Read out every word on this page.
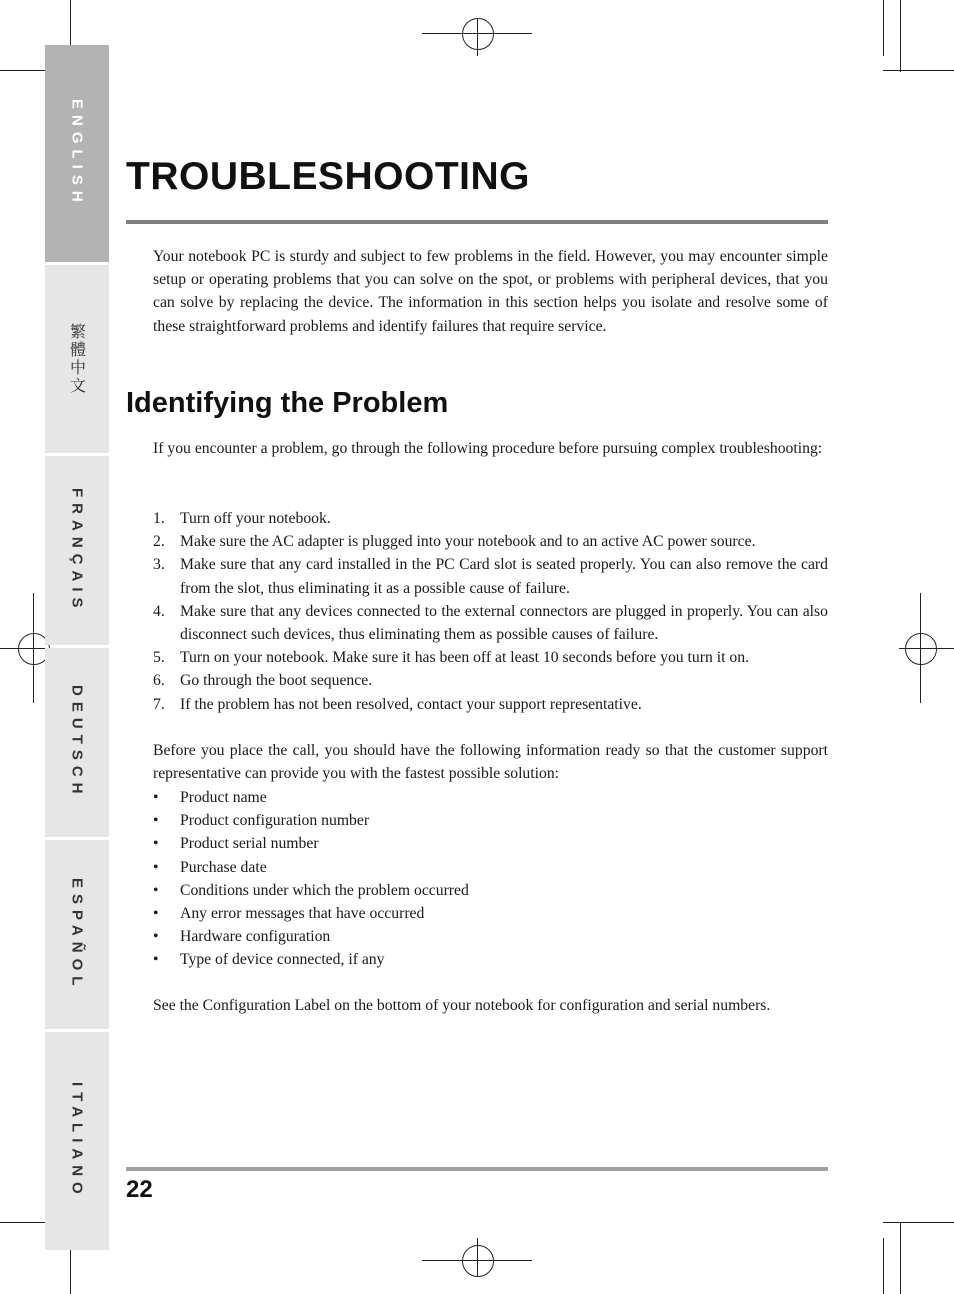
ENGLISH
繁體中文
FRANÇAIS
DEUTSCH
ESPAÑOL
ITALIANO
TROUBLESHOOTING

Your notebook PC is sturdy and subject to few problems in the field. However, you may encounter simple setup or operating problems that you can solve on the spot, or problems with peripheral devices, that you can solve by replacing the device. The information in this section helps you isolate and resolve some of these straightforward problems and identify failures that require service.

Identifying the Problem

If you encounter a problem, go through the following procedure before pursuing complex troubleshooting:

1. Turn off your notebook.
2. Make sure the AC adapter is plugged into your notebook and to an active AC power source.
3. Make sure that any card installed in the PC Card slot is seated properly. You can also remove the card from the slot, thus eliminating it as a possible cause of failure.
4. Make sure that any devices connected to the external connectors are plugged in properly. You can also disconnect such devices, thus eliminating them as possible causes of failure.
5. Turn on your notebook. Make sure it has been off at least 10 seconds before you turn it on.
6. Go through the boot sequence.
7. If the problem has not been resolved, contact your support representative.

Before you place the call, you should have the following information ready so that the customer support representative can provide you with the fastest possible solution:

• Product name
• Product configuration number
• Product serial number
• Purchase date
• Conditions under which the problem occurred
• Any error messages that have occurred
• Hardware configuration
• Type of device connected, if any

See the Configuration Label on the bottom of your notebook for configuration and serial numbers.

22
